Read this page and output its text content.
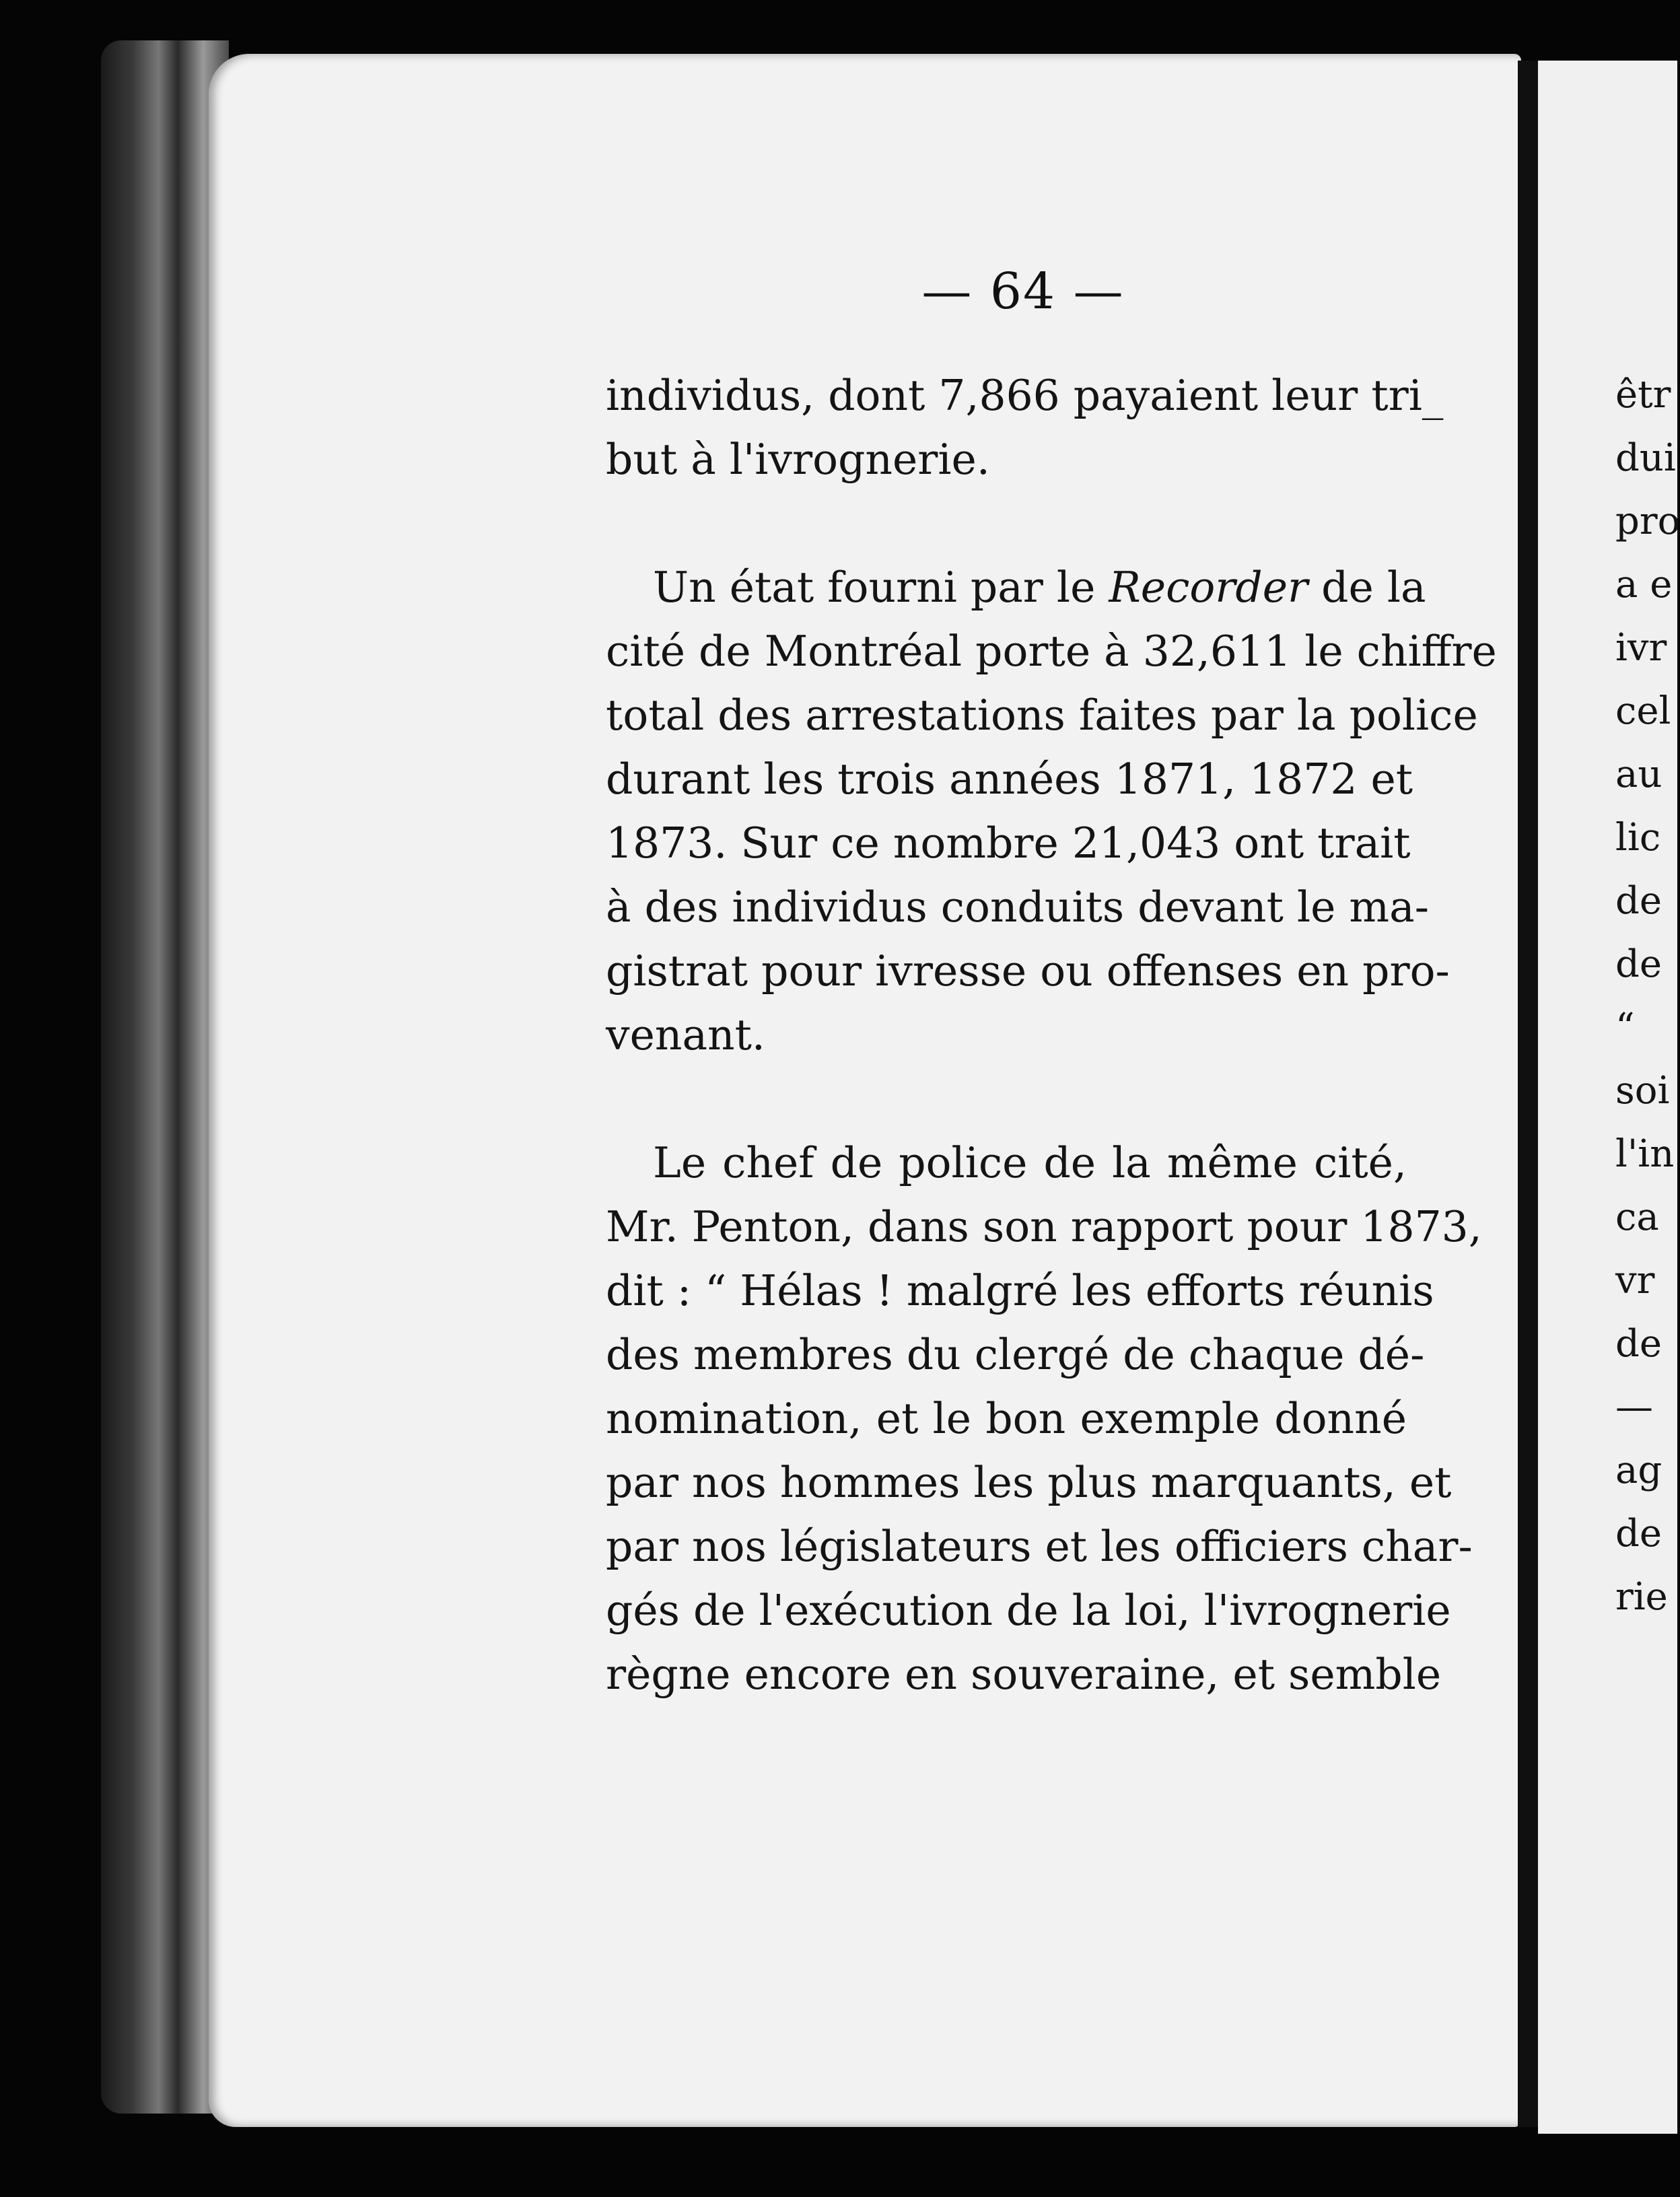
— 64 —
individus, dont 7,866 payaient leur tri_
but à l'ivrognerie.
Un état fourni par le Recorder de la
cité de Montréal porte à 32,611 le chiffre
total des arrestations faites par la police
durant les trois années 1871, 1872 et
1873. Sur ce nombre 21,043 ont trait
à des individus conduits devant le ma-
gistrat pour ivresse ou offenses en pro-
venant.
Le chef de police de la même cité,
Mr. Penton, dans son rapport pour 1873,
dit : “ Hélas ! malgré les efforts réunis
des membres du clergé de chaque dé-
nomination, et le bon exemple donné
par nos hommes les plus marquants, et
par nos législateurs et les officiers char-
gés de l'exécution de la loi, l'ivrognerie
règne encore en souveraine, et semble
êtr
dui
pro
a e
ivr
cel
au
lic
de
de
“
soi
l'in
ca
vr
de
—
ag
de
rie
